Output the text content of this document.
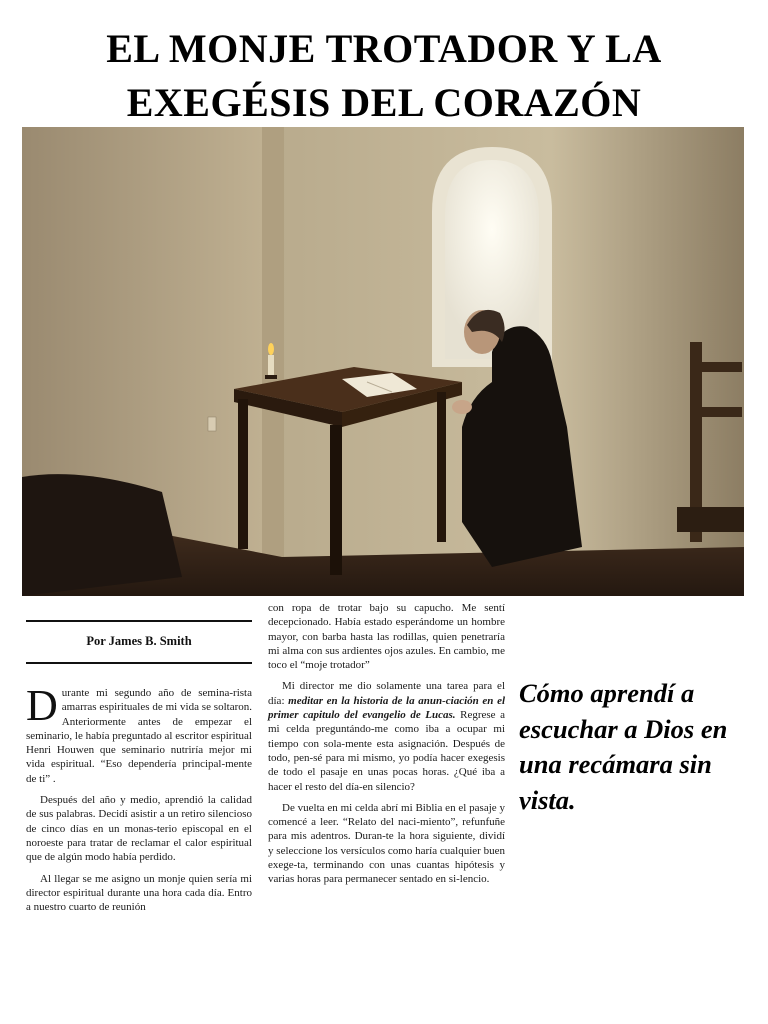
EL MONJE TROTADOR Y LA
EXEGÉSIS DEL CORAZÓN
Por James B. Smith

Durante mi segundo año de semina-rista amarras espirituales de mi vida se soltaron. Anteriormente antes de empezar el seminario, le había preguntado al escritor espiritual Henri Houwen que seminario nutriría mejor mi vida espiritual. “Eso dependería principal-mente de ti” .

Después del año y medio, aprendió la calidad de sus palabras. Decidí asistir a un retiro silencioso de cinco días en un monas-terio episcopal en el noroeste para tratar de reclamar el calor espiritual que de algún modo había perdido.

Al llegar se me asigno un monje quien sería mi director espiritual durante una hora cada día. Entro a nuestro cuarto de reunión

con ropa de trotar bajo su capucho. Me sentí decepcionado. Había estado esperándome un hombre mayor, con barba hasta las rodillas, quien penetraría mi alma con sus ardientes ojos azules. En cambio, me toco el “moje trotador”

Mi director me dio solamente una tarea para el día: meditar en la historia de la anun-ciación en el primer capitulo del evangelio de Lucas. Regrese a mi celda preguntándo-me como iba a ocupar mi tiempo con sola-mente esta asignación. Después de todo, pen-sé para mi mismo, yo podía hacer exegesis de todo el pasaje en unas pocas horas. ¿Qué iba a hacer el resto del día-en silencio?

De vuelta en mi celda abrí mi Biblia en el pasaje y comencé a leer. “Relato del naci-miento”, refunfuñe para mis adentros. Duran-te la hora siguiente, dividí y seleccione los versículos como haría cualquier buen exege-ta, terminando con unas cuantas hipótesis y varias horas para permanecer sentado en si-lencio.

Cómo aprendí a escuchar a Dios en una recámara sin vista.
